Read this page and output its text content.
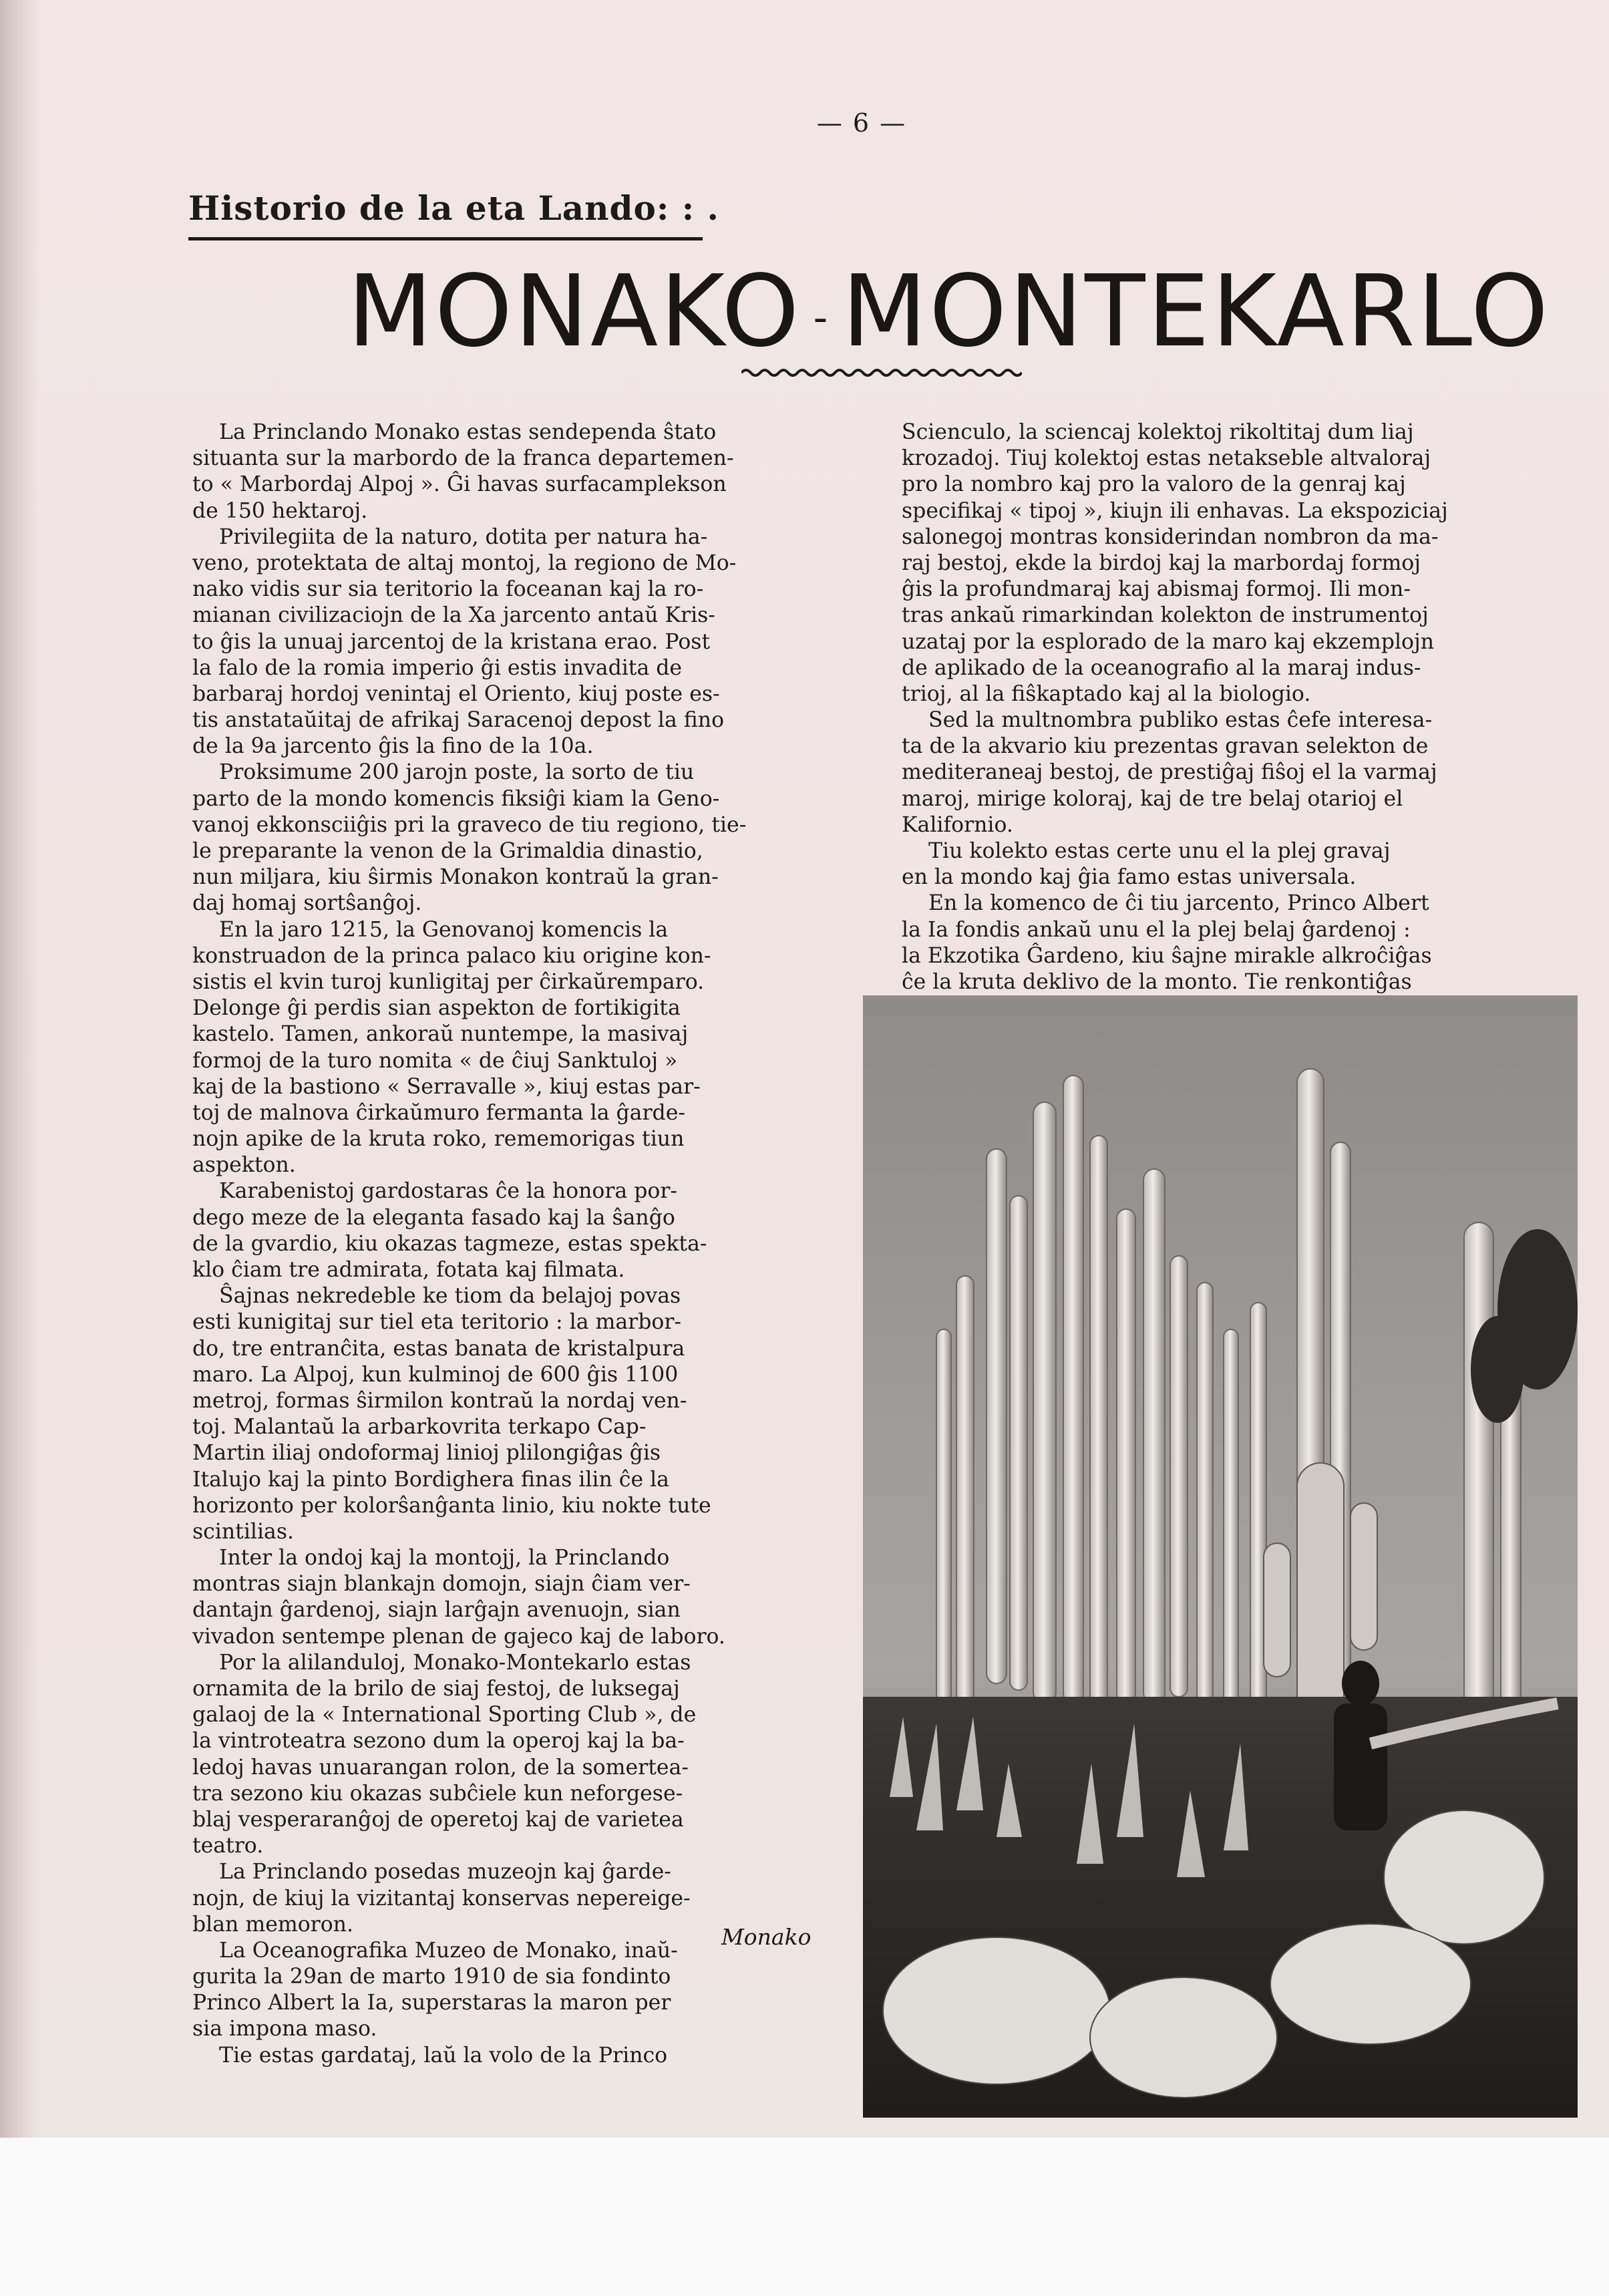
— 6 —
Historio de la eta Lando: : .
MONAKO - MONTEKARLO
La Princlando Monako estas sendependa ŝtato
situanta sur la marbordo de la franca departemen-
to « Marbordaj Alpoj ». Ĝi havas surfacamplekson
de 150 hektaroj.
Privilegiita de la naturo, dotita per natura ha-
veno, protektata de altaj montoj, la regiono de Mo-
nako vidis sur sia teritorio la foceanan kaj la ro-
mianan civilizaciojn de la Xa jarcento antaŭ Kris-
to ĝis la unuaj jarcentoj de la kristana erao. Post
la falo de la romia imperio ĝi estis invadita de
barbaraj hordoj venintaj el Oriento, kiuj poste es-
tis anstataŭitaj de afrikaj Saracenoj depost la fino
de la 9a jarcento ĝis la fino de la 10a.
Proksimume 200 jarojn poste, la sorto de tiu
parto de la mondo komencis fiksiĝi kiam la Geno-
vanoj ekkonsciiĝis pri la graveco de tiu regiono, tie-
le preparante la venon de la Grimaldia dinastio,
nun miljara, kiu ŝirmis Monakon kontraŭ la gran-
daj homaj sortŝanĝoj.
En la jaro 1215, la Genovanoj komencis la
konstruadon de la princa palaco kiu origine kon-
sistis el kvin turoj kunligitaj per ĉirkaŭremparo.
Delonge ĝi perdis sian aspekton de fortikigita
kastelo. Tamen, ankoraŭ nuntempe, la masivaj
formoj de la turo nomita « de ĉiuj Sanktuloj »
kaj de la bastiono « Serravalle », kiuj estas par-
toj de malnova ĉirkaŭmuro fermanta la ĝarde-
nojn apike de la kruta roko, rememorigas tiun
aspekton.
Karabenistoj gardostaras ĉe la honora por-
dego meze de la eleganta fasado kaj la ŝanĝo
de la gvardio, kiu okazas tagmeze, estas spekta-
klo ĉiam tre admirata, fotata kaj filmata.
Ŝajnas nekredeble ke tiom da belajoj povas
esti kunigitaj sur tiel eta teritorio : la marbor-
do, tre entranĉita, estas banata de kristalpura
maro. La Alpoj, kun kulminoj de 600 ĝis 1100
metroj, formas ŝirmilon kontraŭ la nordaj ven-
toj. Malantaŭ la arbarkovrita terkapo Cap-
Martin iliaj ondoformaj linioj plilongiĝas ĝis
Italujo kaj la pinto Bordighera finas ilin ĉe la
horizonto per kolorŝanĝanta linio, kiu nokte tute
scintilias.
Inter la ondoj kaj la montojj, la Princlando
montras siajn blankajn domojn, siajn ĉiam ver-
dantajn ĝardenoj, siajn larĝajn avenuojn, sian
vivadon sentempe plenan de gajeco kaj de laboro.
Por la alilanduloj, Monako-Montekarlo estas
ornamita de la brilo de siaj festoj, de luksegaj
galaoj de la « International Sporting Club », de
la vintroteatra sezono dum la operoj kaj la ba-
ledoj havas unuarangan rolon, de la somertea-
tra sezono kiu okazas subĉiele kun neforgese-
blaj vesperaranĝoj de operetoj kaj de varietea
teatro.
La Princlando posedas muzeojn kaj ĝarde-
nojn, de kiuj la vizitantaj konservas nepereige-
blan memoron.
La Oceanografika Muzeo de Monako, inaŭ-
gurita la 29an de marto 1910 de sia fondinto
Princo Albert la Ia, superstaras la maron per
sia impona maso.
Tie estas gardataj, laŭ la volo de la Princo
Monako
Scienculo, la sciencaj kolektoj rikoltitaj dum liaj
krozadoj. Tiuj kolektoj estas netakseble altvaloraj
pro la nombro kaj pro la valoro de la genraj kaj
specifikaj « tipoj », kiujn ili enhavas. La ekspoziciaj
salonegoj montras konsiderindan nombron da ma-
raj bestoj, ekde la birdoj kaj la marbordaj formoj
ĝis la profundmaraj kaj abismaj formoj. Ili mon-
tras ankaŭ rimarkindan kolekton de instrumentoj
uzataj por la esplorado de la maro kaj ekzemplojn
de aplikado de la oceanografio al la maraj indus-
trioj, al la fiŝkaptado kaj al la biologio.
Sed la multnombra publiko estas ĉefe interesa-
ta de la akvario kiu prezentas gravan selekton de
mediteraneaj bestoj, de prestiĝaj fiŝoj el la varmaj
maroj, mirige koloraj, kaj de tre belaj otarioj el
Kalifornio.
Tiu kolekto estas certe unu el la plej gravaj
en la mondo kaj ĝia famo estas universala.
En la komenco de ĉi tiu jarcento, Princo Albert
la Ia fondis ankaŭ unu el la plej belaj ĝardenoj :
la Ekzotika Ĝardeno, kiu ŝajne mirakle alkroĉiĝas
ĉe la kruta deklivo de la monto. Tie renkontiĝas
